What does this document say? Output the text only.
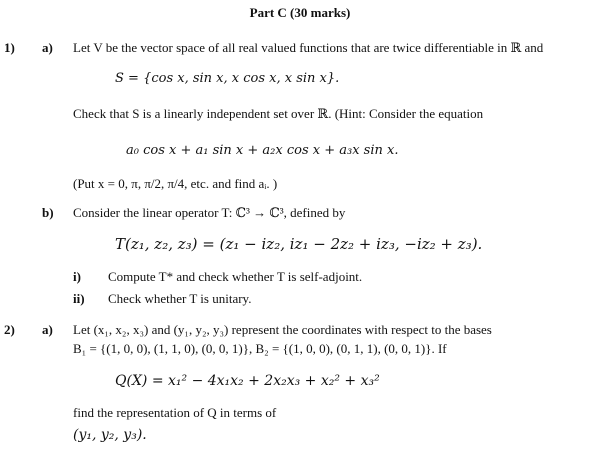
Part C (30 marks)
1) a) Let V be the vector space of all real valued functions that are twice differentiable in ℝ and
S = {cos x, sin x, x cos x, x sin x}.
Check that S is a linearly independent set over ℝ. (Hint: Consider the equation
a₀ cos x + a₁ sin x + a₂x cos x + a₃x sin x.
(Put x = 0, π, π/2, π/4, etc. and find aᵢ. )
b) Consider the linear operator T: ℂ³ → ℂ³, defined by
T(z₁, z₂, z₃) = (z₁ − iz₂, iz₁ − 2z₂ + iz₃, −iz₂ + z₃).
i) Compute T* and check whether T is self-adjoint.
ii) Check whether T is unitary.
2) a) Let (x₁, x₂, x₃) and (y₁, y₂, y₃) represent the coordinates with respect to the bases
B₁ = {(1, 0, 0), (1, 1, 0), (0, 0, 1)}, B₂ = {(1, 0, 0), (0, 1, 1), (0, 0, 1)}. If
Q(X) = x₁² − 4x₁x₂ + 2x₂x₃ + x₂² + x₃²
find the representation of Q in terms of
(y₁, y₂, y₃).
